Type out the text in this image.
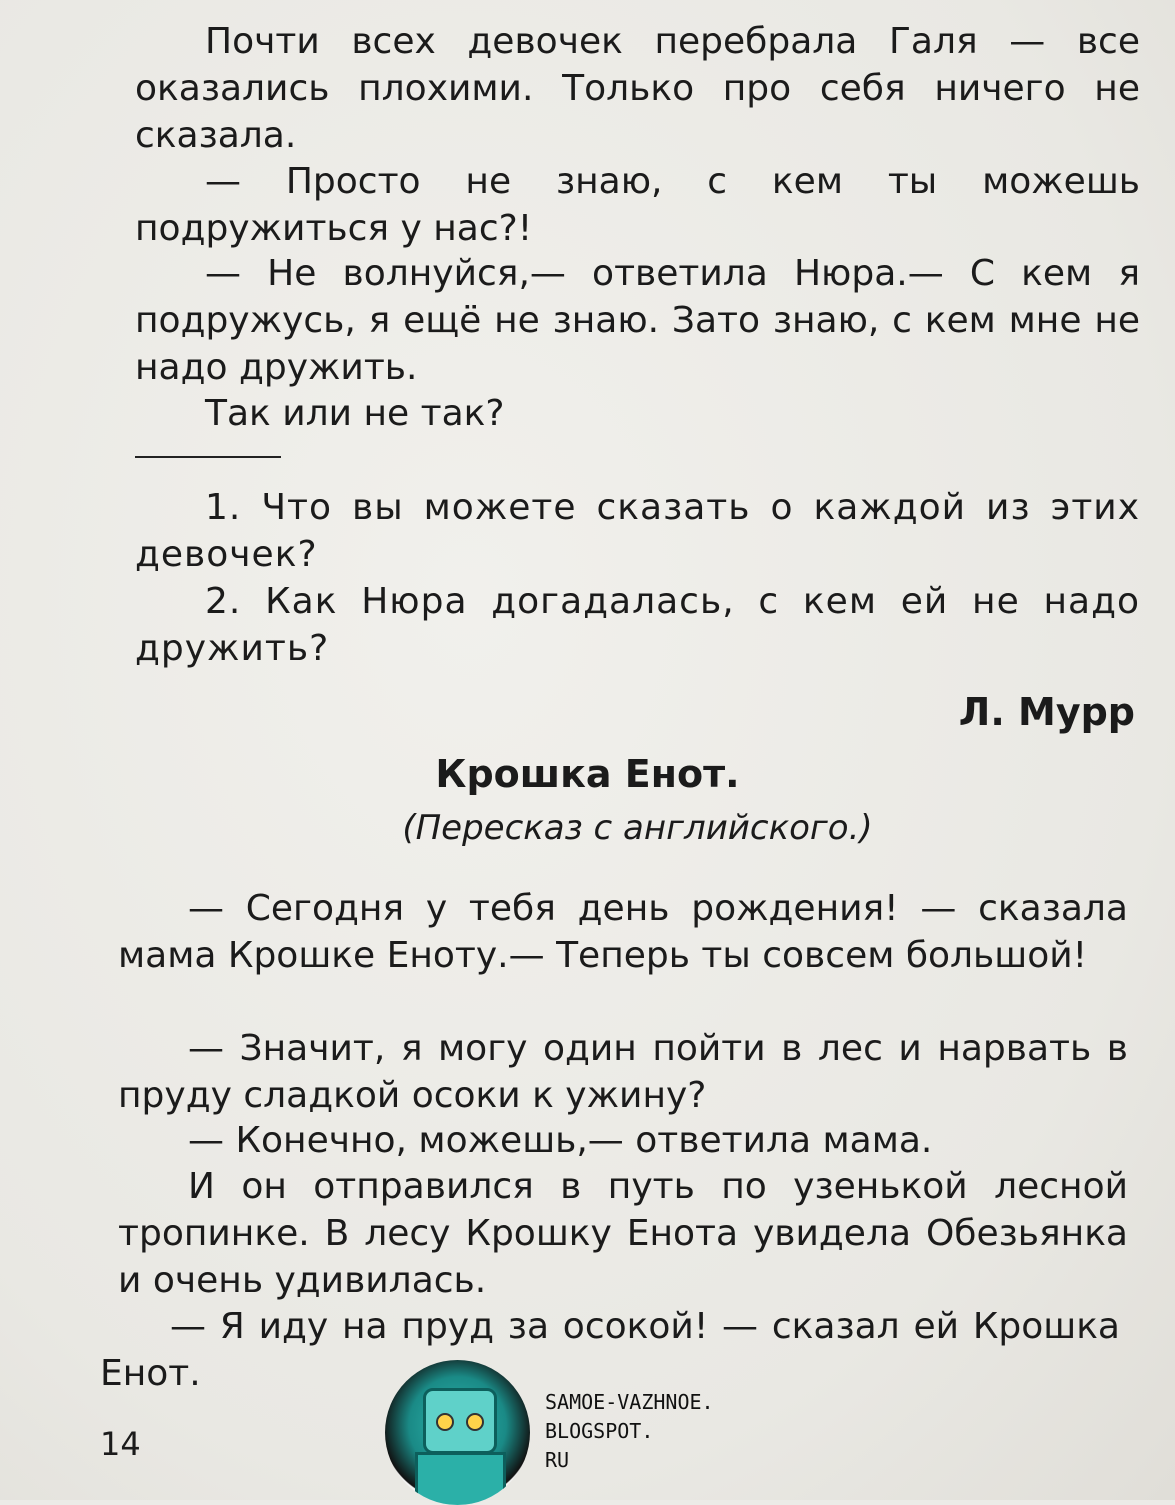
Почти всех девочек перебрала Галя — все оказались плохими. Только про себя ничего не сказала.

— Просто не знаю, с кем ты можешь подружиться у нас?!

— Не волнуйся,— ответила Нюра.— С кем я подружусь, я ещё не знаю. Зато знаю, с кем мне не надо дружить.

Так или не так?

1. Что вы можете сказать о каждой из этих девочек?

2. Как Нюра догадалась, с кем ей не надо дружить?

Л. Мурр
Крошка Енот.
(Пересказ с английского.)

— Сегодня у тебя день рождения! — сказала мама Крошке Еноту.— Теперь ты совсем большой!

— Значит, я могу один пойти в лес и нарвать в пруду сладкой осоки к ужину?

— Конечно, можешь,— ответила мама.

И он отправился в путь по узенькой лесной тропинке. В лесу Крошку Енота увидела Обезьянка и очень удивилась.

— Я иду на пруд за осокой! — сказал ей Крошка Енот.

14
SAMOE-VAZHNOE.
BLOGSPOT.
RU
